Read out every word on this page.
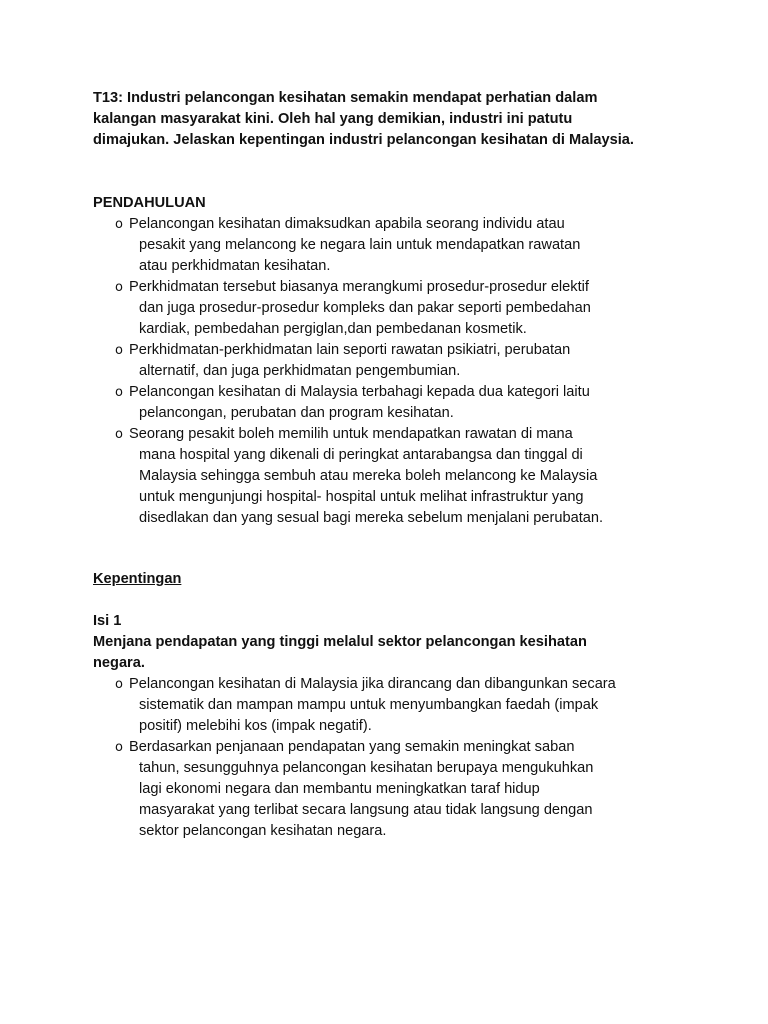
T13: Industri pelancongan kesihatan semakin mendapat perhatian dalam
kalangan masyarakat kini. Oleh hal yang demikian, industri ini patutu
dimajukan. Jelaskan kepentingan industri pelancongan kesihatan di Malaysia.

PENDAHULUAN

o Pelancongan kesihatan dimaksudkan apabila seorang individu atau
pesakit yang melancong ke negara lain untuk mendapatkan rawatan
atau perkhidmatan kesihatan.
o Perkhidmatan tersebut biasanya merangkumi prosedur-prosedur elektif
dan juga prosedur-prosedur kompleks dan pakar seporti pembedahan
kardiak, pembedahan pergiglan,dan pembedanan kosmetik.
o Perkhidmatan-perkhidmatan lain seporti rawatan psikiatri, perubatan
alternatif, dan juga perkhidmatan pengembumian.
o Pelancongan kesihatan di Malaysia terbahagi kepada dua kategori laitu
pelancongan, perubatan dan program kesihatan.
o Seorang pesakit boleh memilih untuk mendapatkan rawatan di mana
mana hospital yang dikenali di peringkat antarabangsa dan tinggal di
Malaysia sehingga sembuh atau mereka boleh melancong ke Malaysia
untuk mengunjungi hospital- hospital untuk melihat infrastruktur yang
disedlakan dan yang sesual bagi mereka sebelum menjalani perubatan.

Kepentingan

Isi 1

Menjana pendapatan yang tinggi melalul sektor pelancongan kesihatan
negara.

o Pelancongan kesihatan di Malaysia jika dirancang dan dibangunkan secara
sistematik dan mampan mampu untuk menyumbangkan faedah (impak
positif) melebihi kos (impak negatif).
o Berdasarkan penjanaan pendapatan yang semakin meningkat saban
tahun, sesungguhnya pelancongan kesihatan berupaya mengukuhkan
lagi ekonomi negara dan membantu meningkatkan taraf hidup
masyarakat yang terlibat secara langsung atau tidak langsung dengan
sektor pelancongan kesihatan negara.
